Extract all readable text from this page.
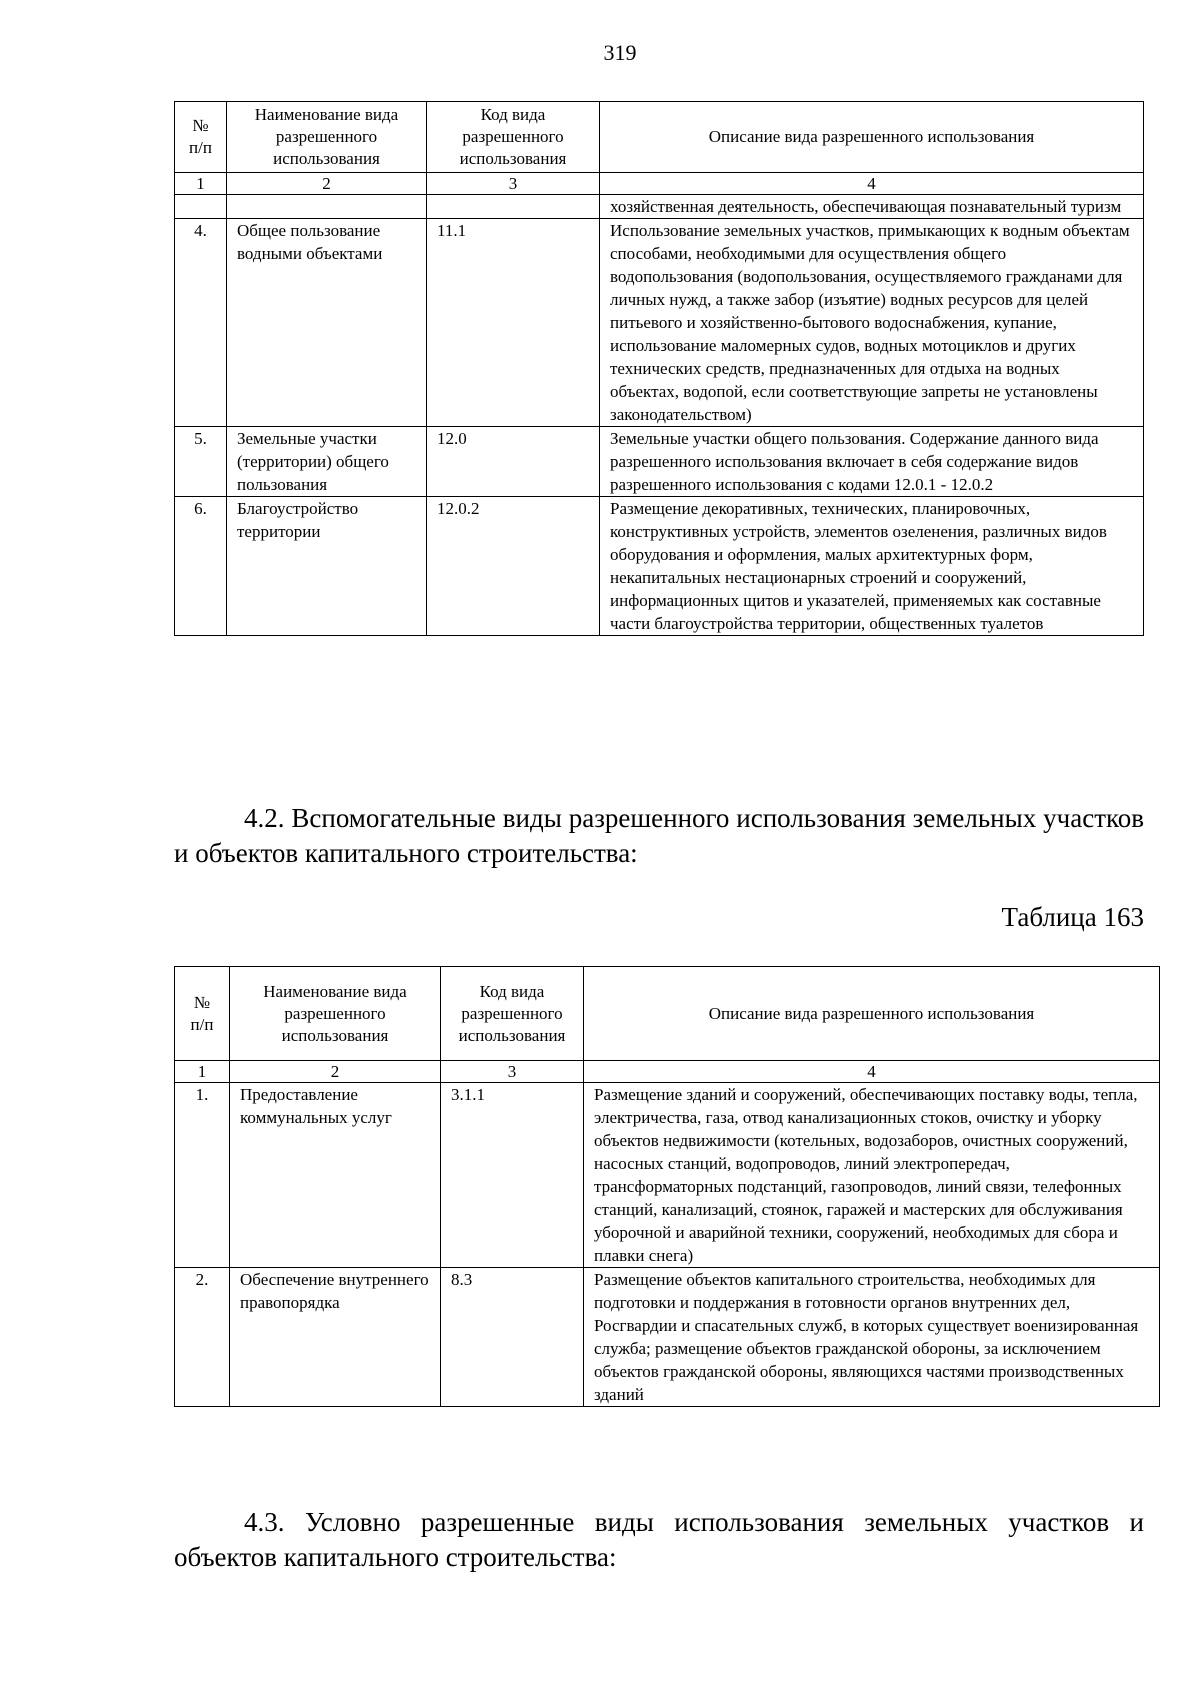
319
№ п/п	Наименование вида разрешенного использования	Код вида разрешенного использования	Описание вида разрешенного использования
1	2	3	4
			хозяйственная деятельность, обеспечивающая познавательный туризм
4.	Общее пользование водными объектами	11.1	Использование земельных участков, примыкающих к водным объектам способами, необходимыми для осуществления общего водопользования (водопользования, осуществляемого гражданами для личных нужд, а также забор (изъятие) водных ресурсов для целей питьевого и хозяйственно-бытового водоснабжения, купание, использование маломерных судов, водных мотоциклов и других технических средств, предназначенных для отдыха на водных объектах, водопой, если соответствующие запреты не установлены законодательством)
5.	Земельные участки (территории) общего пользования	12.0	Земельные участки общего пользования. Содержание данного вида разрешенного использования включает в себя содержание видов разрешенного использования с кодами 12.0.1 - 12.0.2
6.	Благоустройство территории	12.0.2	Размещение декоративных, технических, планировочных, конструктивных устройств, элементов озеленения, различных видов оборудования и оформления, малых архитектурных форм, некапитальных нестационарных строений и сооружений, информационных щитов и указателей, применяемых как составные части благоустройства территории, общественных туалетов
4.2. Вспомогательные виды разрешенного использования земельных участков и объектов капитального строительства:
Таблица 163
№ п/п	Наименование вида разрешенного использования	Код вида разрешенного использования	Описание вида разрешенного использования
1	2	3	4
1.	Предоставление коммунальных услуг	3.1.1	Размещение зданий и сооружений, обеспечивающих поставку воды, тепла, электричества, газа, отвод канализационных стоков, очистку и уборку объектов недвижимости (котельных, водозаборов, очистных сооружений, насосных станций, водопроводов, линий электропередач, трансформаторных подстанций, газопроводов, линий связи, телефонных станций, канализаций, стоянок, гаражей и мастерских для обслуживания уборочной и аварийной техники, сооружений, необходимых для сбора и плавки снега)
2.	Обеспечение внутреннего правопорядка	8.3	Размещение объектов капитального строительства, необходимых для подготовки и поддержания в готовности органов внутренних дел, Росгвардии и спасательных служб, в которых существует военизированная служба; размещение объектов гражданской обороны, за исключением объектов гражданской обороны, являющихся частями производственных зданий
4.3. Условно разрешенные виды использования земельных участков и объектов капитального строительства:
